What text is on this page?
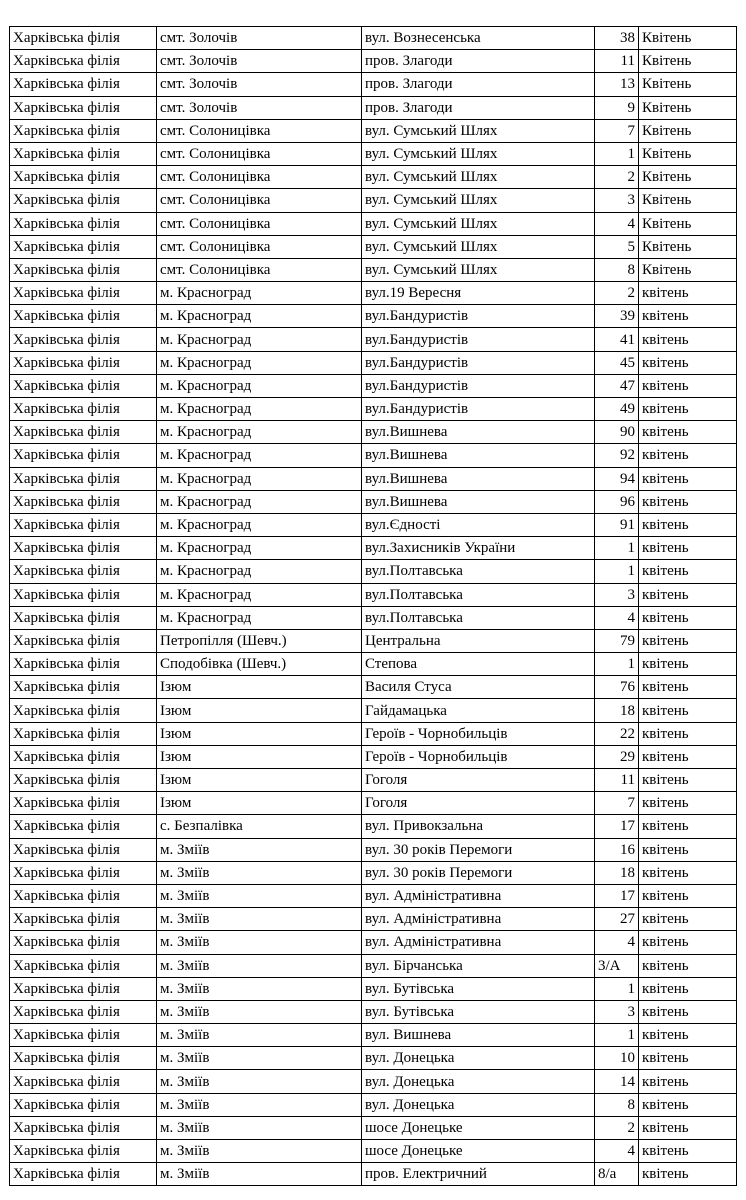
Харківська філія	смт. Золочів	вул. Вознесенська	38	Квітень
Харківська філія	смт. Золочів	пров. Злагоди	11	Квітень
Харківська філія	смт. Золочів	пров. Злагоди	13	Квітень
Харківська філія	смт. Золочів	пров. Злагоди	9	Квітень
Харківська філія	смт. Солоницівка	вул. Сумський Шлях	7	Квітень
Харківська філія	смт. Солоницівка	вул. Сумський Шлях	1	Квітень
Харківська філія	смт. Солоницівка	вул. Сумський Шлях	2	Квітень
Харківська філія	смт. Солоницівка	вул. Сумський Шлях	3	Квітень
Харківська філія	смт. Солоницівка	вул. Сумський Шлях	4	Квітень
Харківська філія	смт. Солоницівка	вул. Сумський Шлях	5	Квітень
Харківська філія	смт. Солоницівка	вул. Сумський Шлях	8	Квітень
Харківська філія	м. Красноград	вул.19 Вересня	2	квітень
Харківська філія	м. Красноград	вул.Бандуристів	39	квітень
Харківська філія	м. Красноград	вул.Бандуристів	41	квітень
Харківська філія	м. Красноград	вул.Бандуристів	45	квітень
Харківська філія	м. Красноград	вул.Бандуристів	47	квітень
Харківська філія	м. Красноград	вул.Бандуристів	49	квітень
Харківська філія	м. Красноград	вул.Вишнева	90	квітень
Харківська філія	м. Красноград	вул.Вишнева	92	квітень
Харківська філія	м. Красноград	вул.Вишнева	94	квітень
Харківська філія	м. Красноград	вул.Вишнева	96	квітень
Харківська філія	м. Красноград	вул.Єдності	91	квітень
Харківська філія	м. Красноград	вул.Захисників України	1	квітень
Харківська філія	м. Красноград	вул.Полтавська	1	квітень
Харківська філія	м. Красноград	вул.Полтавська	3	квітень
Харківська філія	м. Красноград	вул.Полтавська	4	квітень
Харківська філія	Петропілля (Шевч.)	Центральна	79	квітень
Харківська філія	Сподобівка (Шевч.)	Степова	1	квітень
Харківська філія	Ізюм	Василя Стуса	76	квітень
Харківська філія	Ізюм	Гайдамацька	18	квітень
Харківська філія	Ізюм	Героїв - Чорнобильців	22	квітень
Харківська філія	Ізюм	Героїв - Чорнобильців	29	квітень
Харківська філія	Ізюм	Гоголя	11	квітень
Харківська філія	Ізюм	Гоголя	7	квітень
Харківська філія	с. Безпалівка	вул. Привокзальна	17	квітень
Харківська філія	м. Зміїв	вул. 30 років Перемоги	16	квітень
Харківська філія	м. Зміїв	вул. 30 років Перемоги	18	квітень
Харківська філія	м. Зміїв	вул. Адміністративна	17	квітень
Харківська філія	м. Зміїв	вул. Адміністративна	27	квітень
Харківська філія	м. Зміїв	вул. Адміністративна	4	квітень
Харківська філія	м. Зміїв	вул. Бірчанська	3/А	квітень
Харківська філія	м. Зміїв	вул. Бутівська	1	квітень
Харківська філія	м. Зміїв	вул. Бутівська	3	квітень
Харківська філія	м. Зміїв	вул. Вишнева	1	квітень
Харківська філія	м. Зміїв	вул. Донецька	10	квітень
Харківська філія	м. Зміїв	вул. Донецька	14	квітень
Харківська філія	м. Зміїв	вул. Донецька	8	квітень
Харківська філія	м. Зміїв	шосе Донецьке	2	квітень
Харківська філія	м. Зміїв	шосе Донецьке	4	квітень
Харківська філія	м. Зміїв	пров. Електричний	8/а	квітень
